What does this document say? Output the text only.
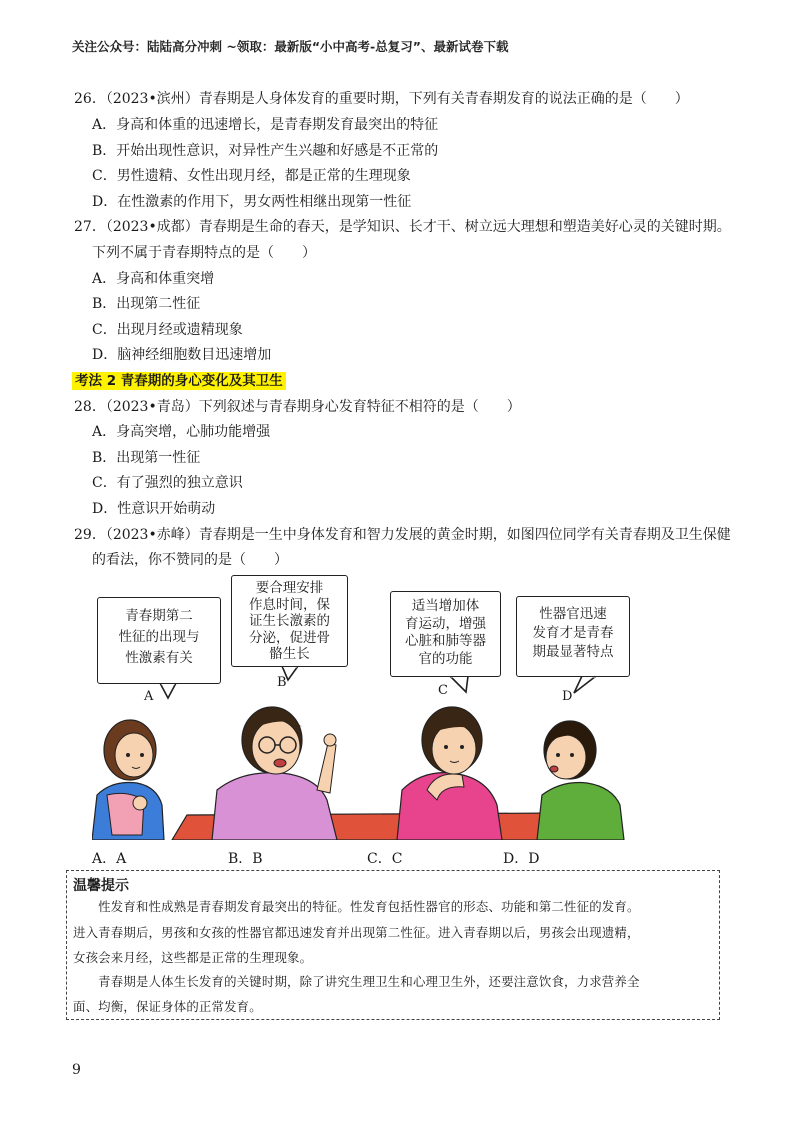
关注公众号：陆陆高分冲刺 ~领取：最新版“小中高考-总复习”、最新试卷下载
26．（2023•滨州）青春期是人身体发育的重要时期，下列有关青春期发育的说法正确的是（　　）
A．身高和体重的迅速增长，是青春期发育最突出的特征
B．开始出现性意识，对异性产生兴趣和好感是不正常的
C．男性遗精、女性出现月经，都是正常的生理现象
D．在性激素的作用下，男女两性相继出现第一性征
27．（2023•成都）青春期是生命的春天，是学知识、长才干、树立远大理想和塑造美好心灵的关键时期。
下列不属于青春期特点的是（　　）
A．身高和体重突增
B．出现第二性征
C．出现月经或遗精现象
D．脑神经细胞数目迅速增加
考法 2 青春期的身心变化及其卫生
28．（2023•青岛）下列叙述与青春期身心发育特征不相符的是（　　）
A．身高突增，心肺功能增强
B．出现第一性征
C．有了强烈的独立意识
D．性意识开始萌动
29．（2023•赤峰）青春期是一生中身体发育和智力发展的黄金时期，如图四位同学有关青春期及卫生保健
的看法，你不赞同的是（　　）
青春期第二
性征的出现与
性激素有关
要合理安排
作息时间，保
证生长激素的
分泌，促进骨
骼生长
适当增加体
育运动，增强
心脏和肺等器
官的功能
性器官迅速
发育才是青春
期最显著特点
A
B
C	D
A．A	B．B	C．C	D．D
温馨提示
　　性发育和性成熟是青春期发育最突出的特征。性发育包括性器官的形态、功能和第二性征的发育。
进入青春期后，男孩和女孩的性器官都迅速发育并出现第二性征。进入青春期以后，男孩会出现遗精，
女孩会来月经，这些都是正常的生理现象。
　　青春期是人体生长发育的关键时期，除了讲究生理卫生和心理卫生外，还要注意饮食，力求营养全
面、均衡，保证身体的正常发育。
9
